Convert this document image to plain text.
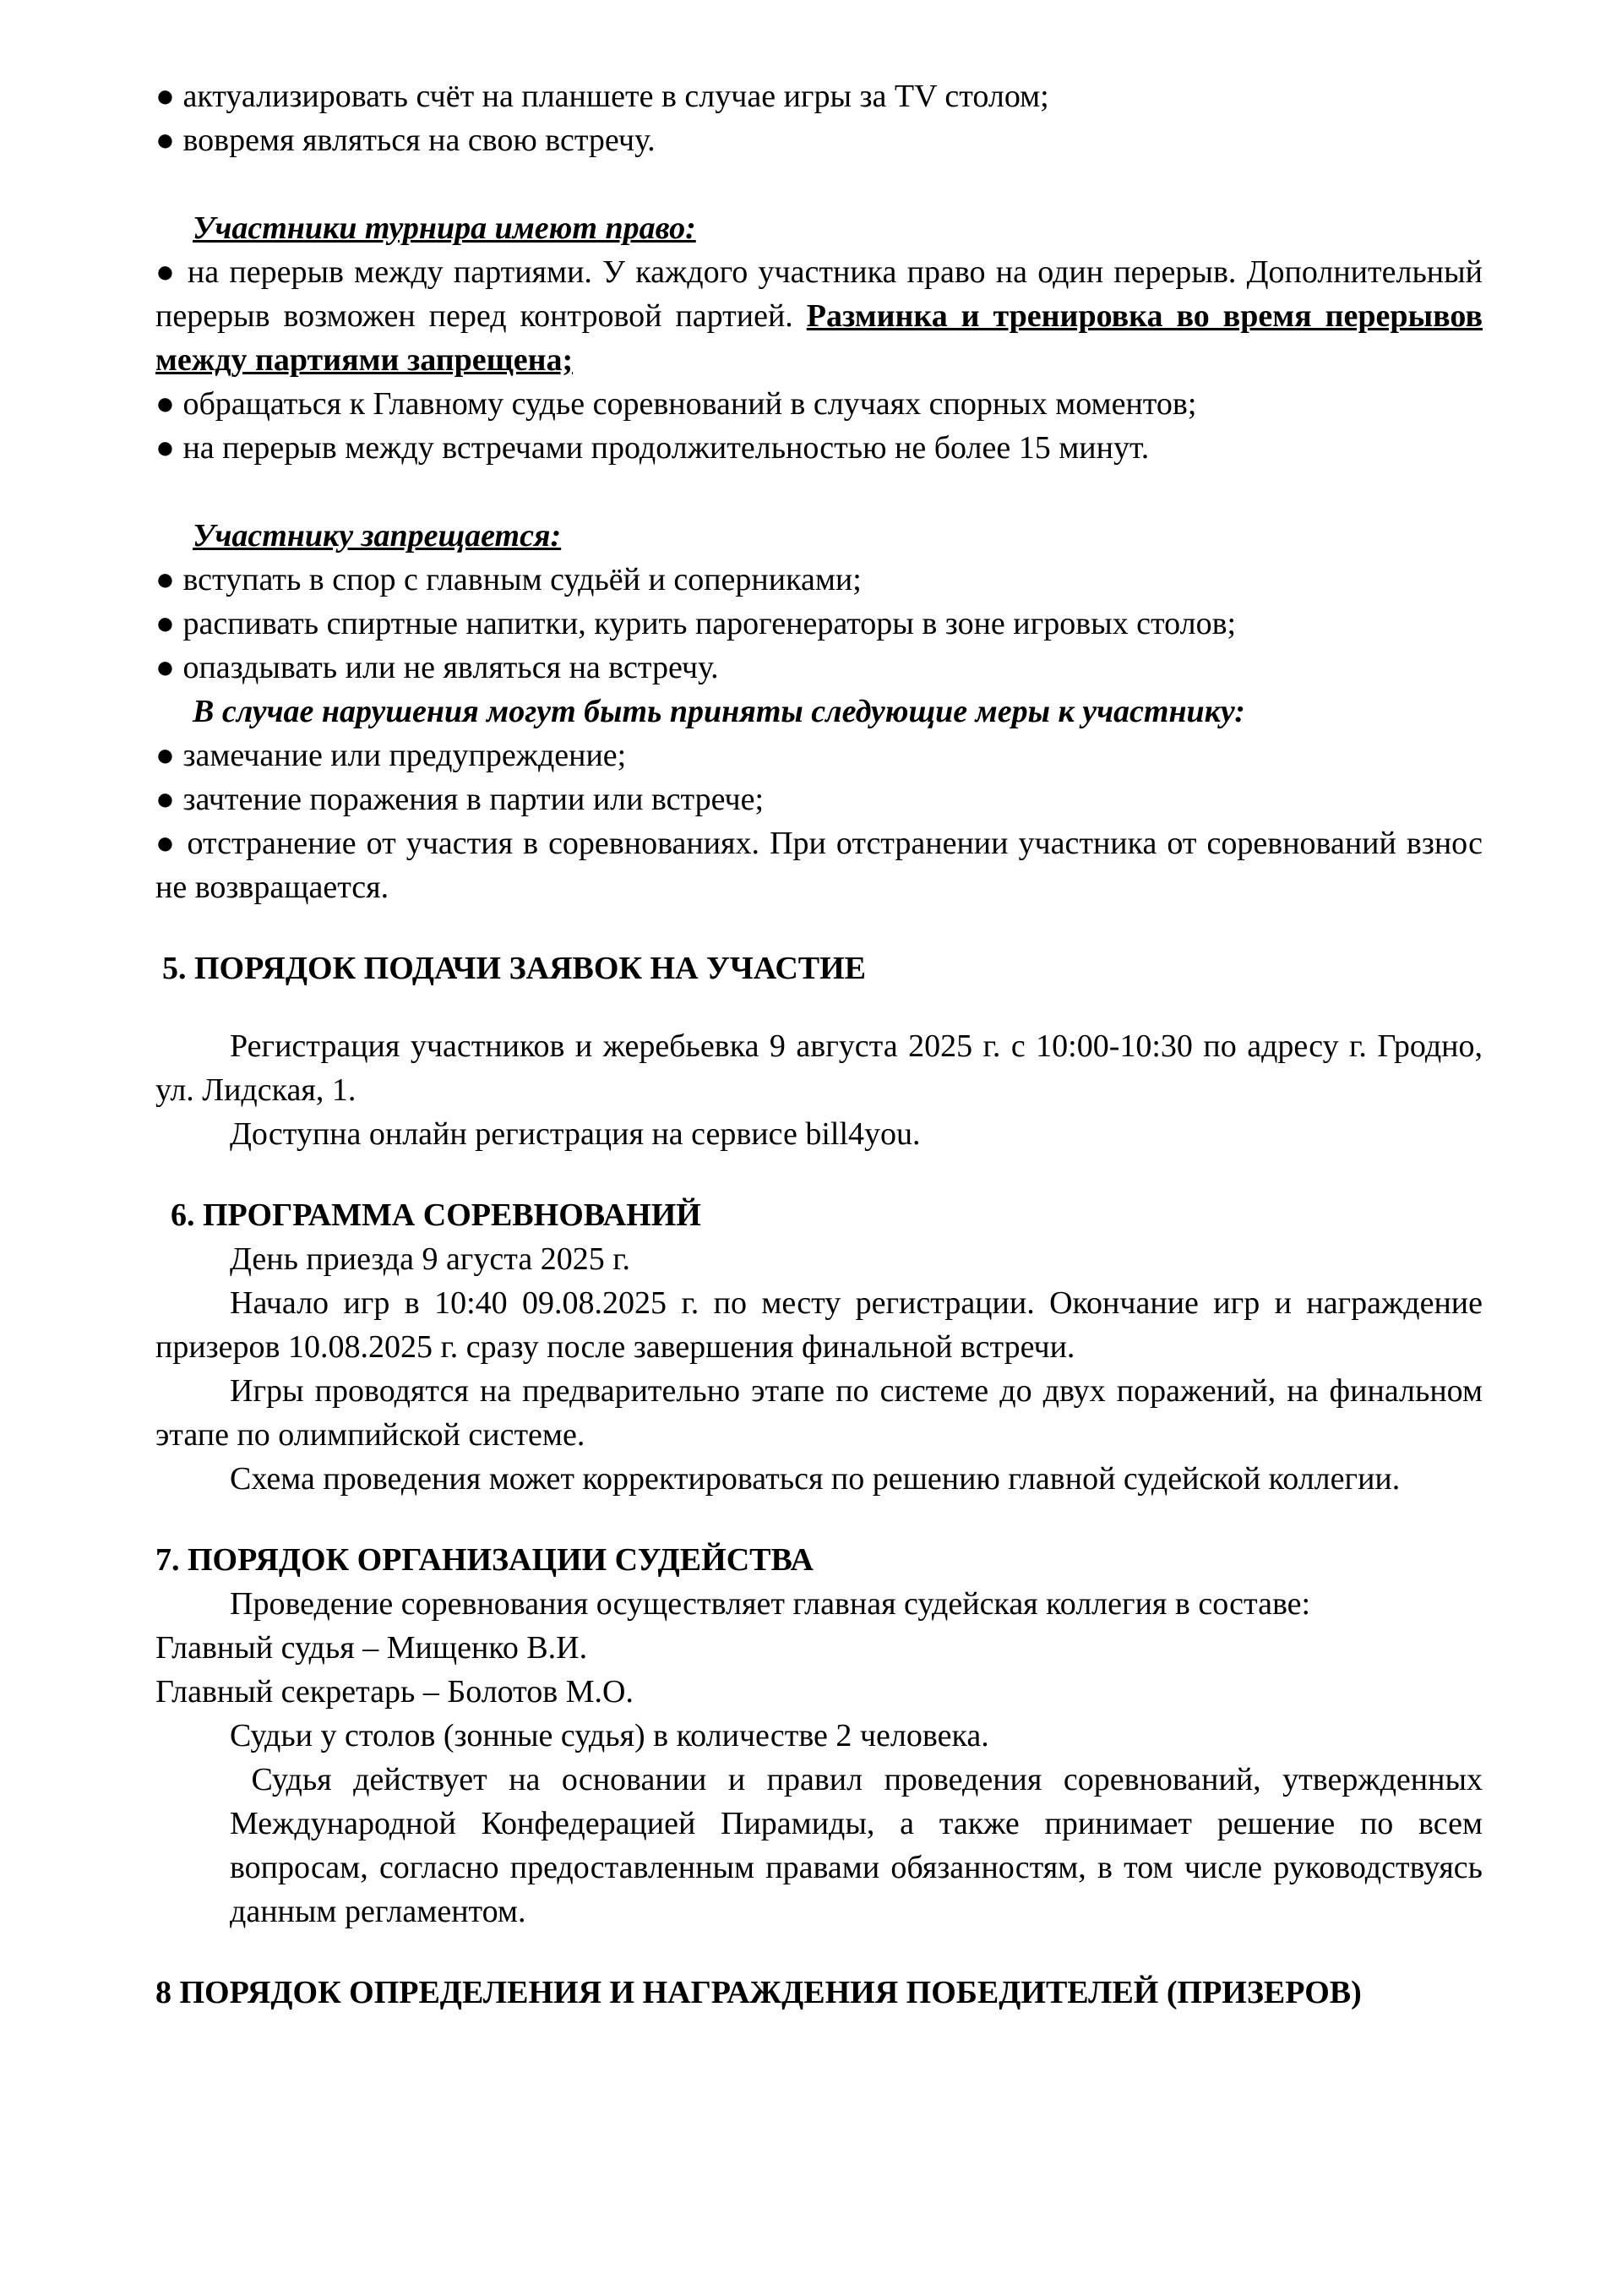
● актуализировать счёт на планшете в случае игры за TV столом;

● вовремя являться на свою встречу.

Участники турнира имеют право:

● на перерыв между партиями. У каждого участника право на один перерыв. Дополнительный перерыв возможен перед контровой партией. Разминка и тренировка во время перерывов между партиями запрещена;

● обращаться к Главному судье соревнований в случаях спорных моментов;

● на перерыв между встречами продолжительностью не более 15 минут.

Участнику запрещается:

● вступать в спор с главным судьёй и соперниками;

● распивать спиртные напитки, курить парогенераторы в зоне игровых столов;

● опаздывать или не являться на встречу.

В случае нарушения могут быть приняты следующие меры к участнику:

● замечание или предупреждение;

● зачтение поражения в партии или встрече;

● отстранение от участия в соревнованиях. При отстранении участника от соревнований взнос не возвращается.

5. ПОРЯДОК ПОДАЧИ ЗАЯВОК НА УЧАСТИЕ

Регистрация участников и жеребьевка 9 августа 2025 г. с 10:00-10:30 по адресу г. Гродно, ул. Лидская, 1.

Доступна онлайн регистрация на сервисе bill4you.

6. ПРОГРАММА СОРЕВНОВАНИЙ

День приезда 9 агуста 2025 г.

Начало игр в 10:40 09.08.2025 г. по месту регистрации. Окончание игр и награждение призеров 10.08.2025 г. сразу после завершения финальной встречи.

Игры проводятся на предварительно этапе по системе до двух поражений, на финальном этапе по олимпийской системе.

Схема проведения может корректироваться по решению главной судейской коллегии.

7. ПОРЯДОК ОРГАНИЗАЦИИ СУДЕЙСТВА

Проведение соревнования осуществляет главная судейская коллегия в составе:

Главный судья – Мищенко В.И.

Главный секретарь – Болотов М.О.

Судьи у столов (зонные судья) в количестве 2 человека.

Судья действует на основании и правил проведения соревнований, утвержденных Международной Конфедерацией Пирамиды, а также принимает решение по всем вопросам, согласно предоставленным правами обязанностям, в том числе руководствуясь данным регламентом.

8 ПОРЯДОК ОПРЕДЕЛЕНИЯ И НАГРАЖДЕНИЯ ПОБЕДИТЕЛЕЙ (ПРИЗЕРОВ)
